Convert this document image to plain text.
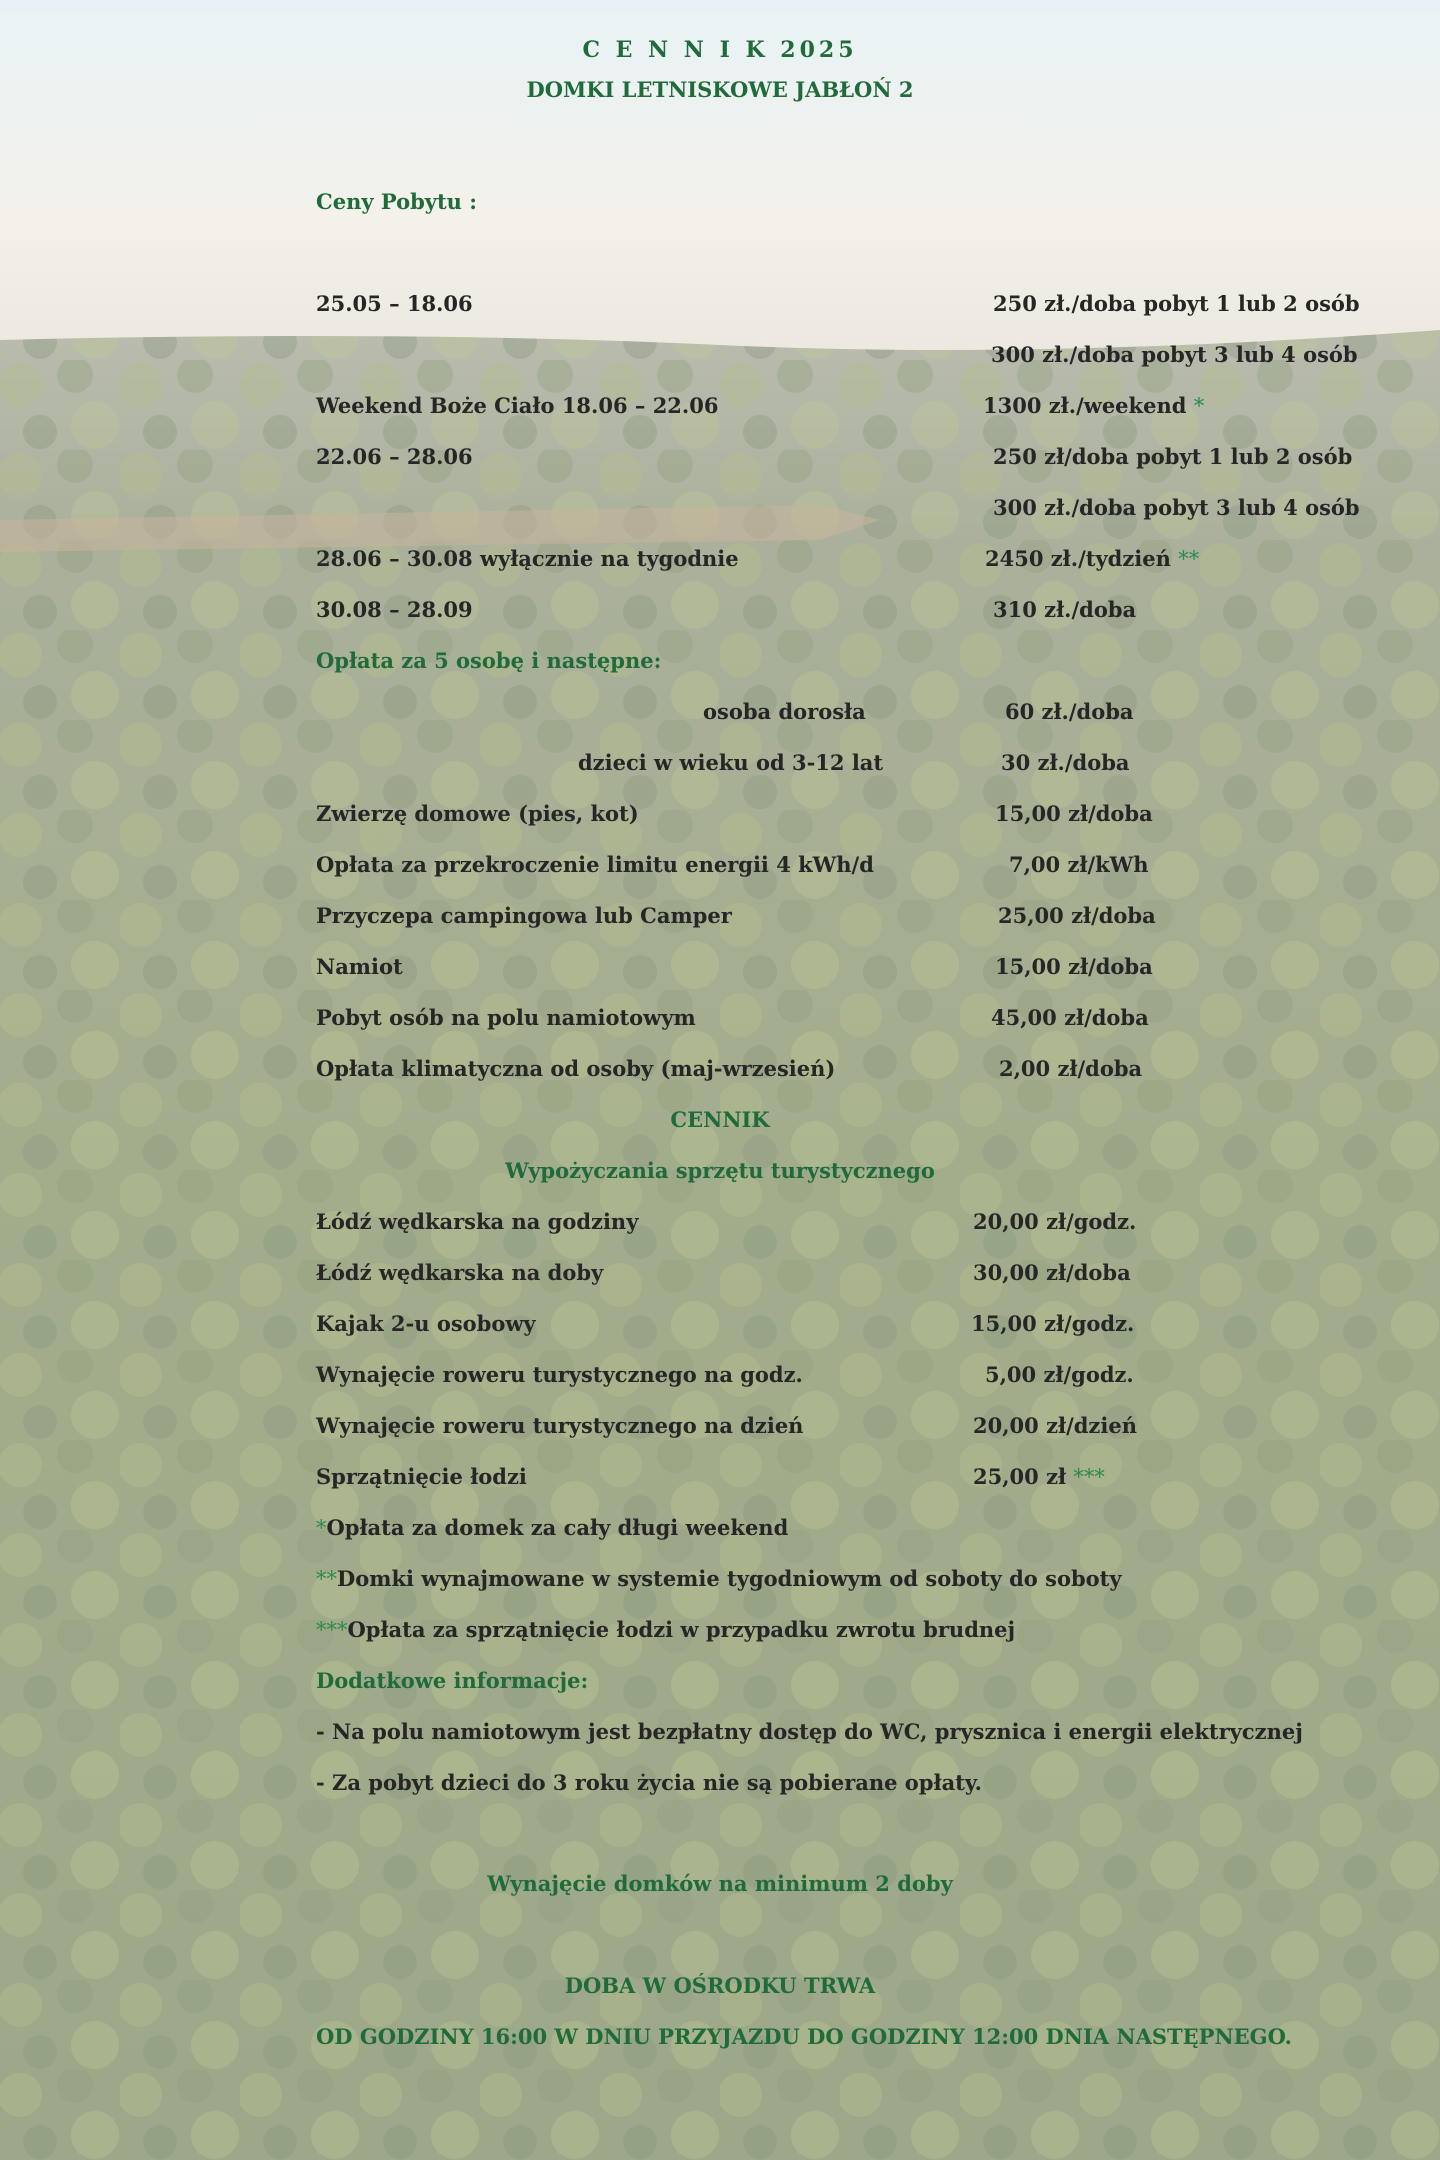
C E N N I K 2025
DOMKI LETNISKOWE JABŁOŃ 2
Ceny Pobytu :
25.05 – 18.06	250 zł./doba pobyt 1 lub 2 osób
300 zł./doba pobyt 3 lub 4 osób
Weekend Boże Ciało 18.06 – 22.06	1300 zł./weekend *
22.06 – 28.06	250 zł/doba pobyt 1 lub 2 osób
300 zł./doba pobyt 3 lub 4 osób
28.06 – 30.08 wyłącznie na tygodnie	2450 zł./tydzień **
30.08 – 28.09	310 zł./doba
Opłata za 5 osobę i następne:
osoba dorosła	60 zł./doba
dzieci w wieku od 3-12 lat	30 zł./doba
Zwierzę domowe (pies, kot)	15,00 zł/doba
Opłata za przekroczenie limitu energii 4 kWh/d	7,00 zł/kWh
Przyczepa campingowa lub Camper	25,00 zł/doba
Namiot	15,00 zł/doba
Pobyt osób na polu namiotowym	45,00 zł/doba
Opłata klimatyczna od osoby (maj-wrzesień)	2,00 zł/doba
CENNIK
Wypożyczania sprzętu turystycznego
Łódź wędkarska na godziny	20,00 zł/godz.
Łódź wędkarska na doby	30,00 zł/doba
Kajak 2-u osobowy	15,00 zł/godz.
Wynajęcie roweru turystycznego na godz.	5,00 zł/godz.
Wynajęcie roweru turystycznego na dzień	20,00 zł/dzień
Sprzątnięcie łodzi	25,00 zł ***
*Opłata za domek za cały długi weekend
**Domki wynajmowane w systemie tygodniowym od soboty do soboty
***Opłata za sprzątnięcie łodzi w przypadku zwrotu brudnej
Dodatkowe informacje:
- Na polu namiotowym jest bezpłatny dostęp do WC, prysznica i energii elektrycznej
- Za pobyt dzieci do 3 roku życia nie są pobierane opłaty.
Wynajęcie domków na minimum 2 doby
DOBA W OŚRODKU TRWA
OD GODZINY 16:00 W DNIU PRZYJAZDU DO GODZINY 12:00 DNIA NASTĘPNEGO.
